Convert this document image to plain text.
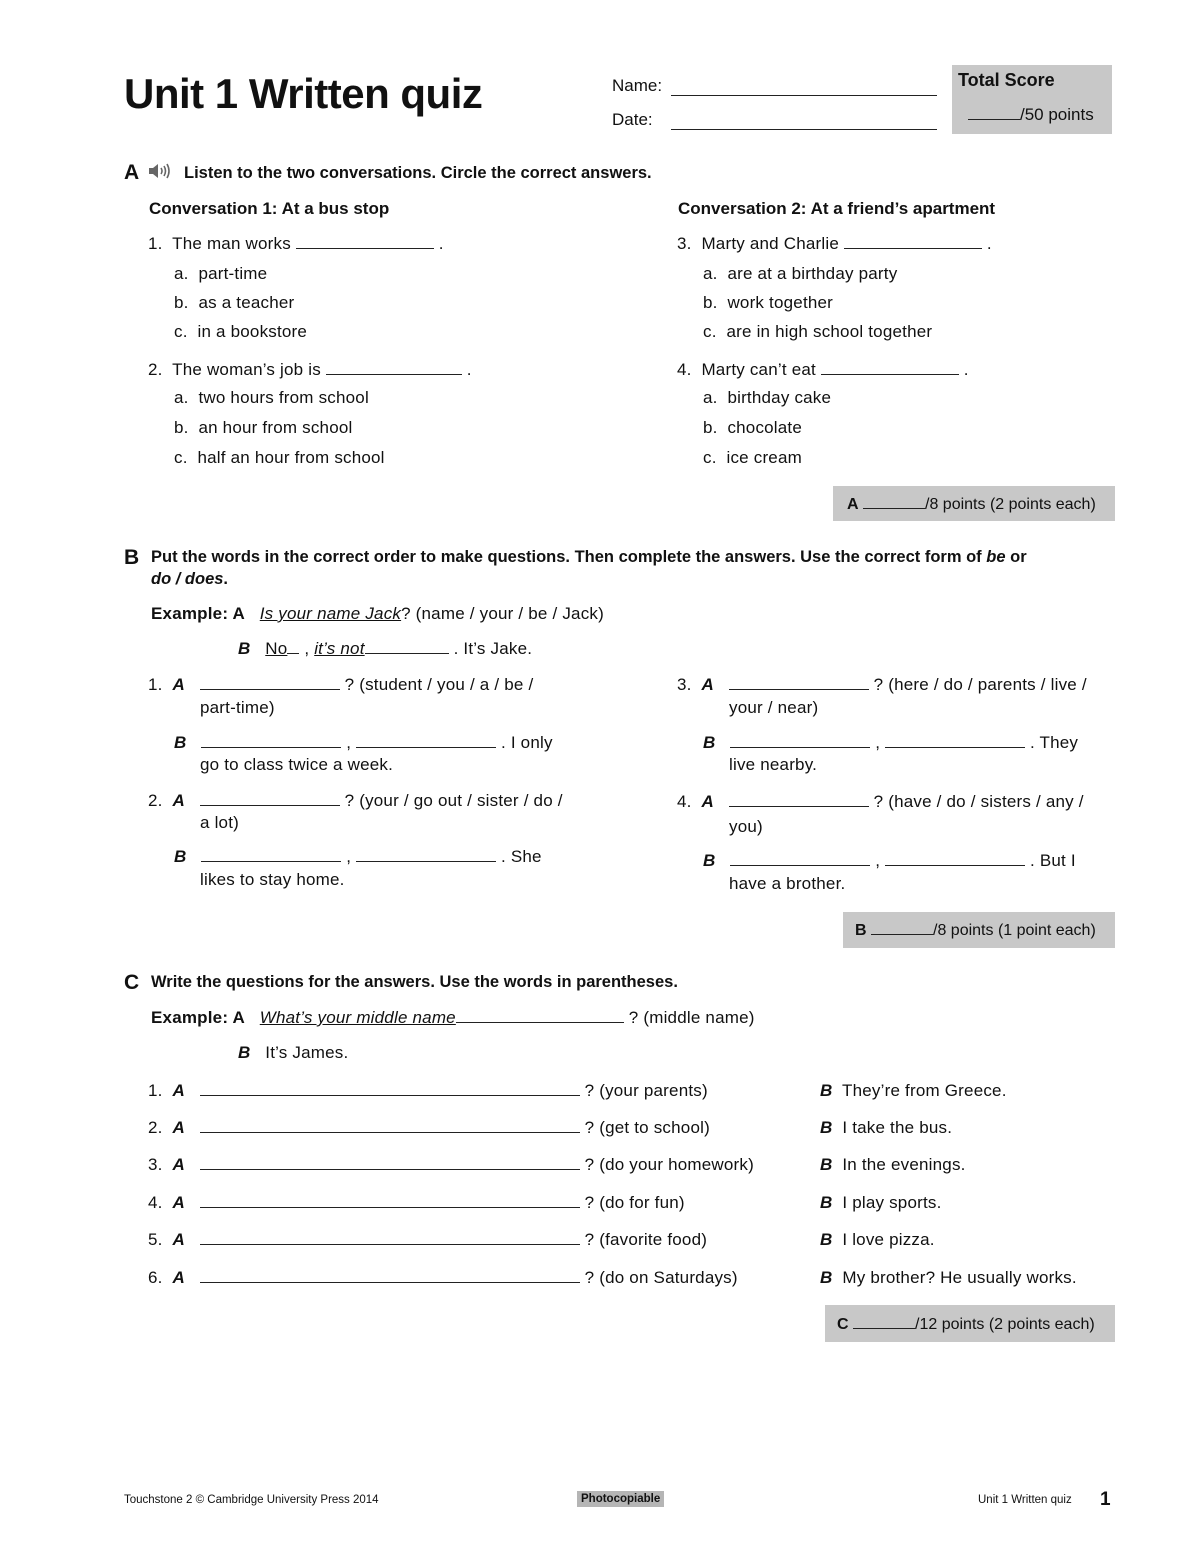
Unit 1 Written quiz	Name:
Date:
Total Score
/50 points
A	Listen to the two conversations. Circle the correct answers.
Conversation 1: At a bus stop	Conversation 2: At a friend’s apartment
1. The man works	.
a. part-time
b. as a teacher
c. in a bookstore
2. The woman’s job is	.
a. two hours from school
b. an hour from school
c. half an hour from school
3. Marty and Charlie	.
a. are at a birthday party
b. work together
c. are in high school together
4. Marty can’t eat	.
a. birthday cake
b. chocolate
c. ice cream
A	/8 points (2 points each)
B Put the words in the correct order to make questions. Then complete the answers. Use the correct form of be or
do / does.
Example: A Is your name Jack? (name / your / be / Jack)
B No , it’s not	. It’s Jake.
1. A	? (student / you / a / be /
part-time)
B	,	. I only
go to class twice a week.
2. A	? (your / go out / sister / do /
a lot)
B	,	. She
likes to stay home.
3. A	? (here / do / parents / live /
your / near)
B	,	. They
live nearby.
4. A	? (have / do / sisters / any /
you)
B	,	. But I
have a brother.
B	/8 points (1 point each)
C Write the questions for the answers. Use the words in parentheses.
Example: A What’s your middle name	? (middle name)
B It’s James.
1. A	? (your parents)	B They’re from Greece.
2. A	? (get to school)	B I take the bus.
3. A	? (do your homework)	B In the evenings.
4. A	? (do for fun)	B I play sports.
5. A	? (favorite food)	B I love pizza.
6. A	? (do on Saturdays)	B My brother? He usually works.
C	/12 points (2 points each)
Touchstone 2 © Cambridge University Press 2014	Photocopiable	Unit 1 Written quiz 1
